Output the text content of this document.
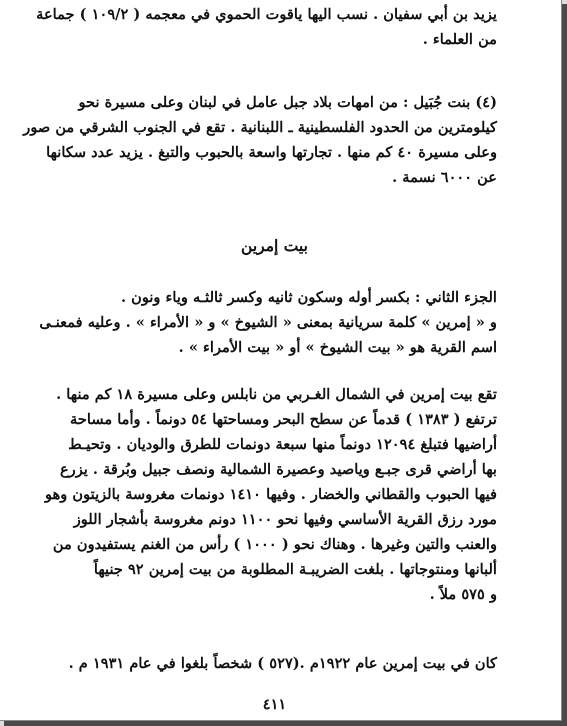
يزيد بن أبي سفيان . نسب اليها ياقوت الحموي في معجمه ( ١٠٩/٢ ) جماعة
من العلماء .
(٤) بنت جُبَيل : من امهات بلاد جبل عامل في لبنان وعلى مسيرة نحو
كيلومترين من الحدود الفلسطينية ـ اللبنانية . تقع في الجنوب الشرقي من صور
وعلى مسيرة ٤٠ كم منها . تجارتها واسعة بالحبوب والتبغ . يزيد عدد سكانها
عن ٦٠٠٠ نسمة .
بيت إمرين
الجزء الثاني : بكسر أوله وسكون ثانيه وكسر ثالثـه وياء ونون .
و « إمرين » كلمة سريانية بمعنى « الشيوخ » و « الأمراء » . وعليه فمعنـى
اسم القرية هو « بيت الشيوخ » أو « بيت الأمراء » .
تقع بيت إمرين في الشمال الغـربي من نابلس وعلى مسيرة ١٨ كم منها .
ترتفع ( ١٣٨٣ ) قدماً عن سطح البحر ومساحتها ٥٤ دونماً . وأما مساحة
أراضيها فتبلغ ١٢٠٩٤ دونماً منها سبعة دونمات للطرق والوديان . وتحيـط
بها أراضي قرى جبـع وياصيد وعصيرة الشمالية ونصف جبيل وبُرقة . يزرع
فيها الحبوب والقطاني والخضار . وفيها ١٤١٠ دونمات مغروسة بالزيتون وهو
مورد رزق القرية الأساسي وفيها نحو ١١٠٠ دونم مغروسة بأشجار اللوز
والعنب والتين وغيرها . وهناك نحو ( ١٠٠٠ ) رأس من الغنم يستفيدون من
ألبانها ومنتوجاتها . بلغت الضريبـة المطلوبة من بيت إمرين ٩٢ جنيهاً
و ٥٧٥ ملاً .
كان في بيت إمرين عام ١٩٢٢م .(٥٢٧ ) شخصاً بلغوا في عام ١٩٣١ م .
٤١١
